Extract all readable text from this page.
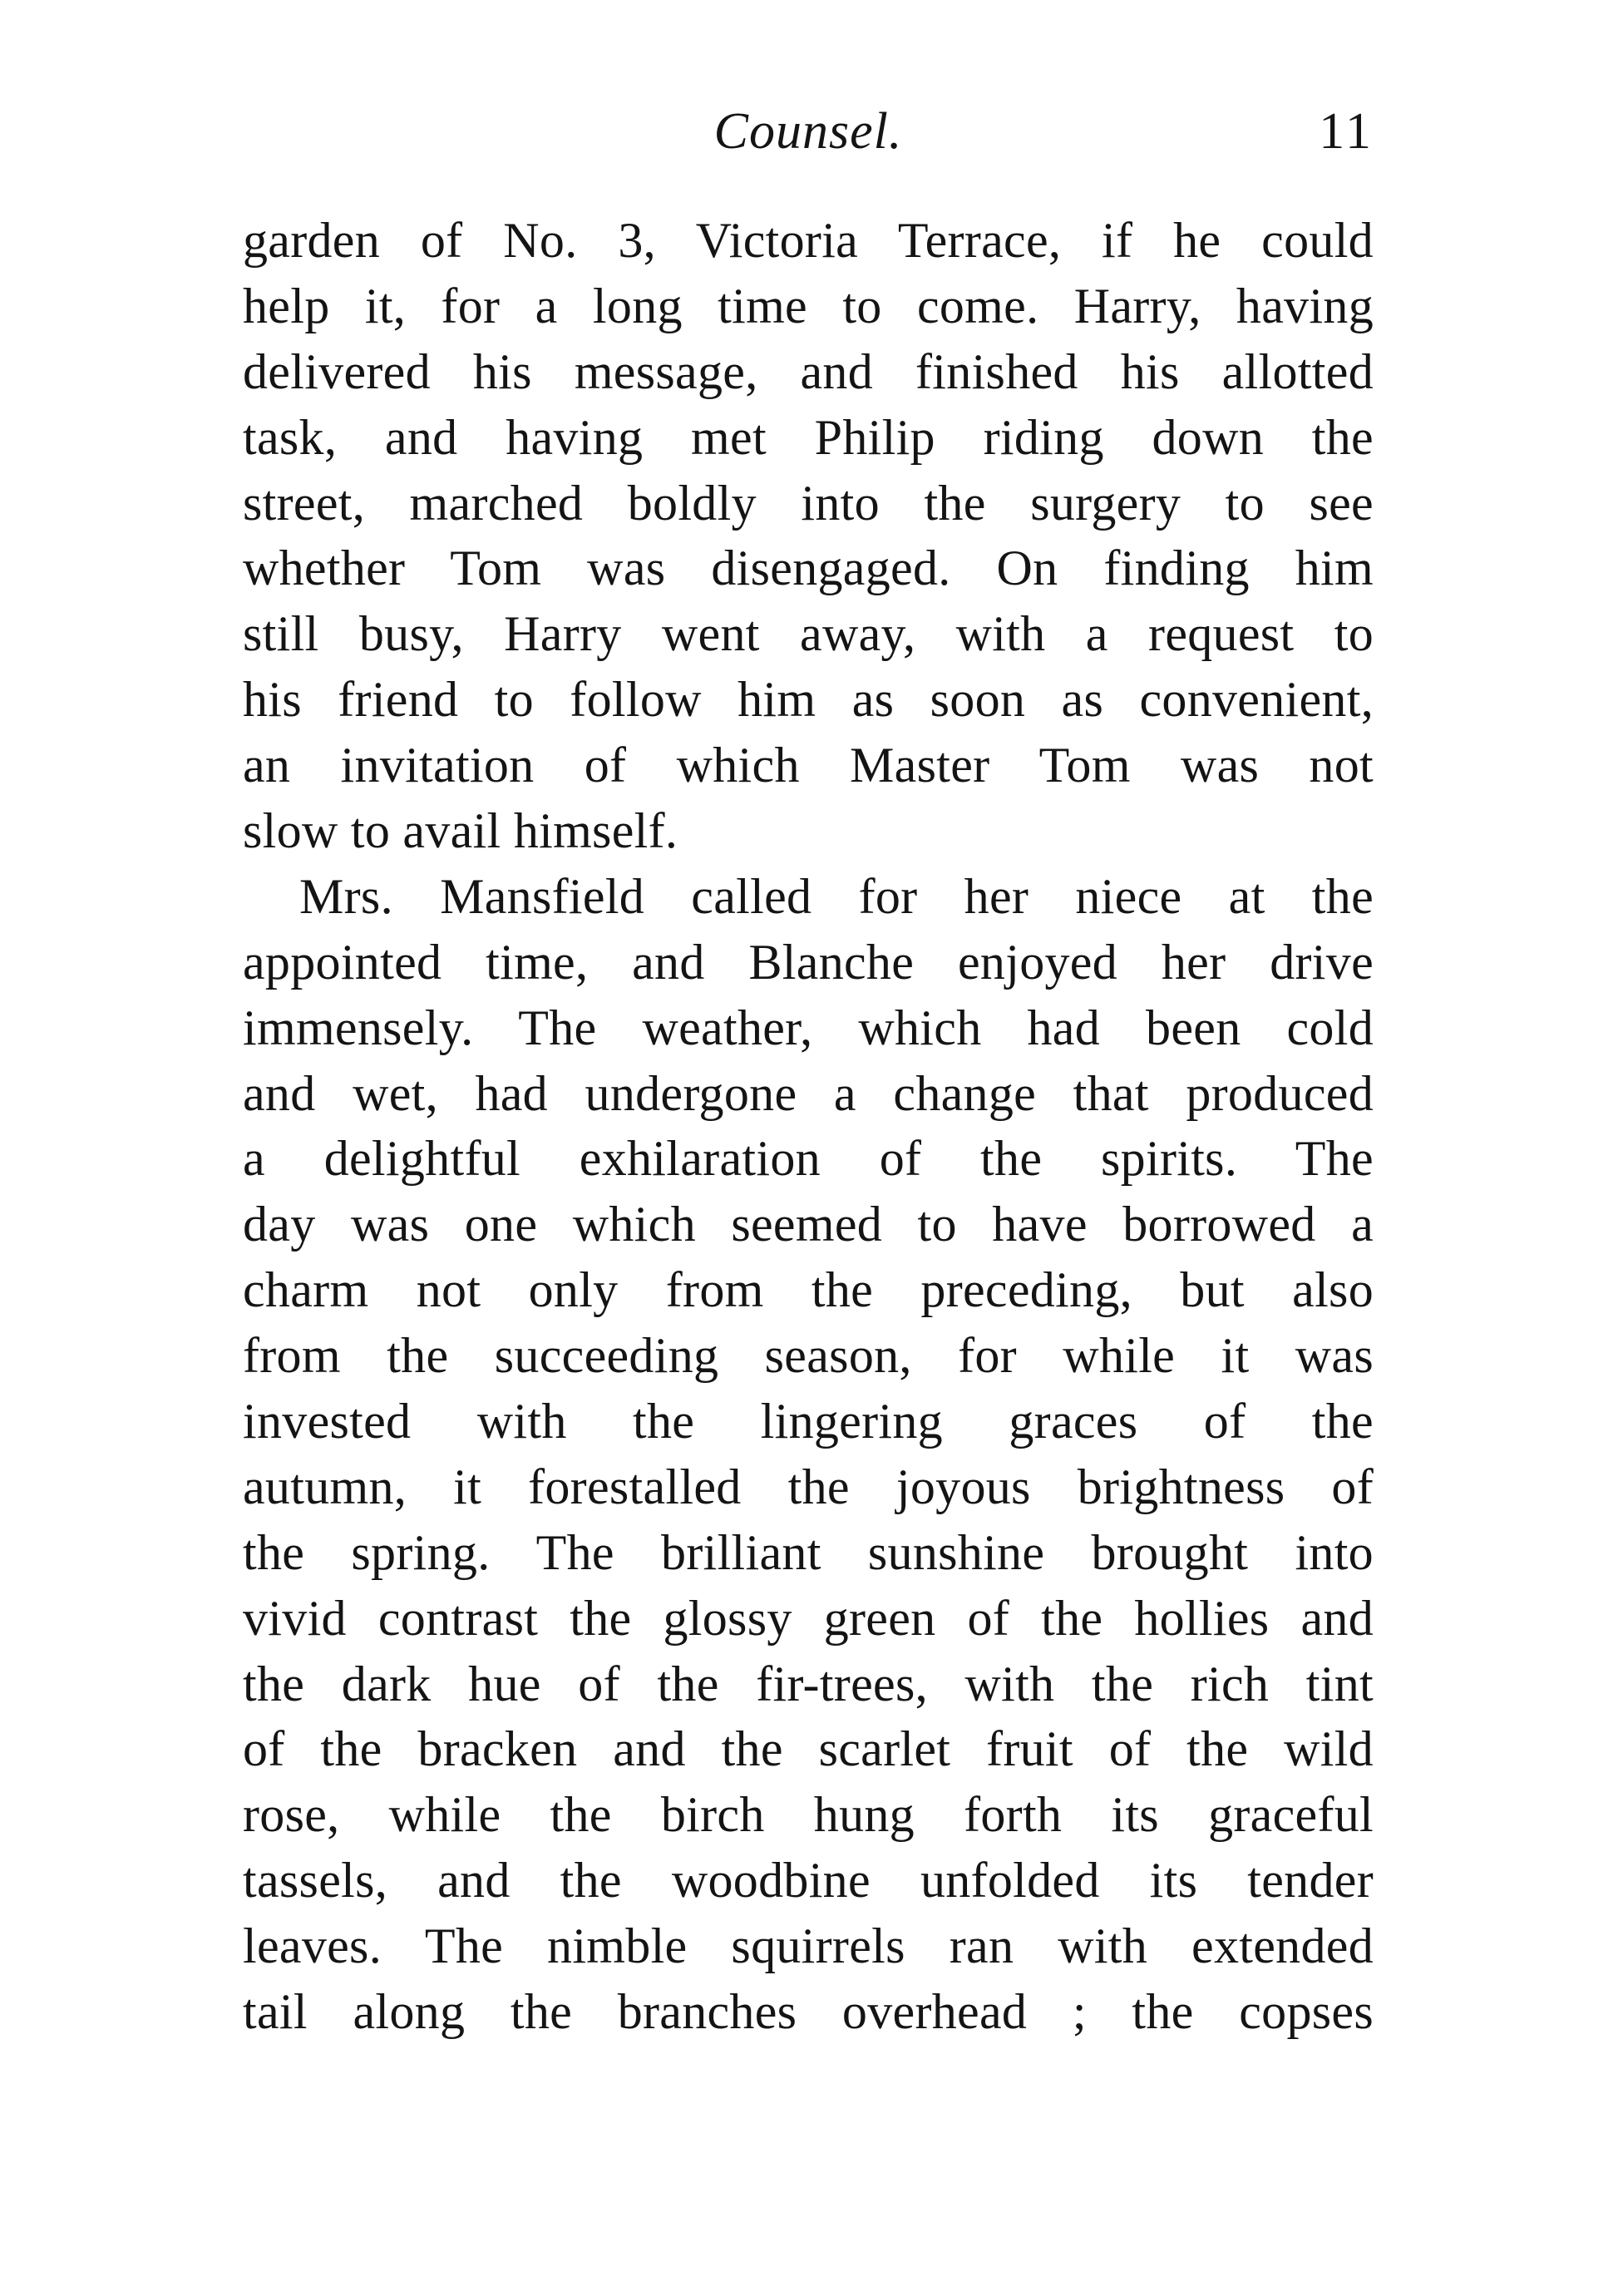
Counsel.	11
garden of No. 3, Victoria Terrace, if he could
help it, for a long time to come. Harry, having
delivered his message, and finished his allotted
task, and having met Philip riding down the
street, marched boldly into the surgery to see
whether Tom was disengaged. On finding him
still busy, Harry went away, with a request to
his friend to follow him as soon as convenient,
an invitation of which Master Tom was not
slow to avail himself.
Mrs. Mansfield called for her niece at the
appointed time, and Blanche enjoyed her drive
immensely. The weather, which had been cold
and wet, had undergone a change that produced
a delightful exhilaration of the spirits. The
day was one which seemed to have borrowed a
charm not only from the preceding, but also
from the succeeding season, for while it was
invested with the lingering graces of the
autumn, it forestalled the joyous brightness of
the spring. The brilliant sunshine brought into
vivid contrast the glossy green of the hollies and
the dark hue of the fir-trees, with the rich tint
of the bracken and the scarlet fruit of the wild
rose, while the birch hung forth its graceful
tassels, and the woodbine unfolded its tender
leaves. The nimble squirrels ran with extended
tail along the branches overhead ; the copses
